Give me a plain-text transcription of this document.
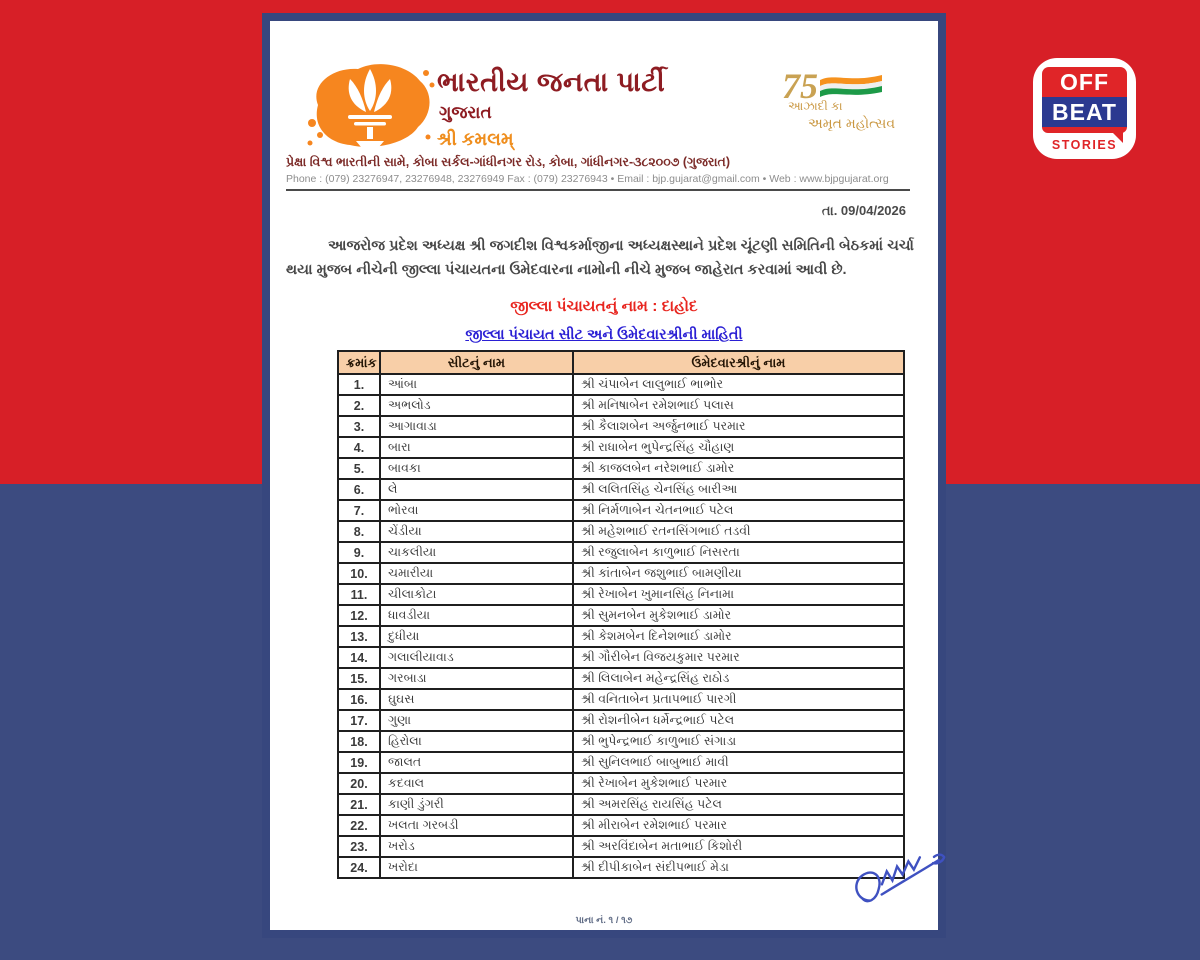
ભારતીય જનતા પાર્ટી
ગુજરાત
શ્રી કમલમ્
75
આઝાદી કા
અમૃત મહોત્સવ
પ્રેક્ષા વિશ્વ ભારતીની સામે, કોબા સર્કલ-ગાંધીનગર રોડ, કોબા, ગાંધીનગર-૩૮૨૦૦૭ (ગુજરાત)
Phone : (079) 23276947, 23276948, 23276949 Fax : (079) 23276943 • Email : bjp.gujarat@gmail.com • Web : www.bjpgujarat.org
તા. 09/04/2026
આજરોજ પ્રદેશ અધ્યક્ષ શ્રી જગદીશ વિશ્વકર્માજીના અધ્યક્ષસ્થાને પ્રદેશ ચૂંટણી સમિતિની બેઠકમાં ચર્ચા થયા મુજબ નીચેની જીલ્લા પંચાયતના ઉમેદવારના નામોની નીચે મુજબ જાહેરાત કરવામાં આવી છે.
જીલ્લા પંચાયતનું નામ : દાહોદ
જીલ્લા પંચાયત સીટ અને ઉમેદવારશ્રીની માહિતી
ક્રમાંક	સીટનું નામ	ઉમેદવારશ્રીનું નામ
1.	આંબા	શ્રી ચંપાબેન લાલુભાઈ ભાભોર
2.	અભલોડ	શ્રી મનિષાબેન રમેશભાઈ પલાસ
3.	આગાવાડા	શ્રી કૈલાશબેન અર્જુનભાઈ પરમાર
4.	બારા	શ્રી રાધાબેન ભુપેન્દ્રસિંહ ચૌહાણ
5.	બાવકા	શ્રી કાજલબેન નરેશભાઈ ડામોર
6.	લે	શ્રી લલિતસિંહ ચેનસિંહ બારીઆ
7.	ભોરવા	શ્રી નિર્મળાબેન ચેતનભાઈ પટેલ
8.	ચેંડીયા	શ્રી મહેશભાઈ રતનસિંગભાઈ તડવી
9.	ચાકલીયા	શ્રી રજુલાબેન કાળુભાઈ નિસરતા
10.	ચમારીયા	શ્રી કાંતાબેન જશુભાઈ બામણીયા
11.	ચીલાકોટા	શ્રી રેખાબેન ખુમાનસિંહ નિનામા
12.	ધાવડીયા	શ્રી સુમનબેન મુકેશભાઈ ડામોર
13.	દુધીયા	શ્રી કેશમબેન દિનેશભાઈ ડામોર
14.	ગલાલીયાવાડ	શ્રી ગૌરીબેન વિજયકુમાર પરમાર
15.	ગરબાડા	શ્રી લિલાબેન મહેન્દ્રસિંહ રાઠોડ
16.	ઘુઘસ	શ્રી વનિતાબેન પ્રતાપભાઈ પારગી
17.	ગુણા	શ્રી રોશનીબેન ધર્મેન્દ્રભાઈ પટેલ
18.	હિરોલા	શ્રી ભુપેન્દ્રભાઈ કાળુભાઈ સંગાડા
19.	જાલત	શ્રી સુનિલભાઈ બાબુભાઈ માવી
20.	કદવાલ	શ્રી રેખાબેન મુકેશભાઈ પરમાર
21.	કાણી ડુંગરી	શ્રી અમરસિંહ રાયસિંહ પટેલ
22.	ખલતા ગરબડી	શ્રી મીરાબેન રમેશભાઈ પરમાર
23.	ખરોડ	શ્રી અરવિંદાબેન મતાભાઈ કિશોરી
24.	ખરોદા	શ્રી દીપીકાબેન સંદીપભાઈ મેડા
પાના નં. ૧ / ૧૭
OFF
BEAT
STORIES
